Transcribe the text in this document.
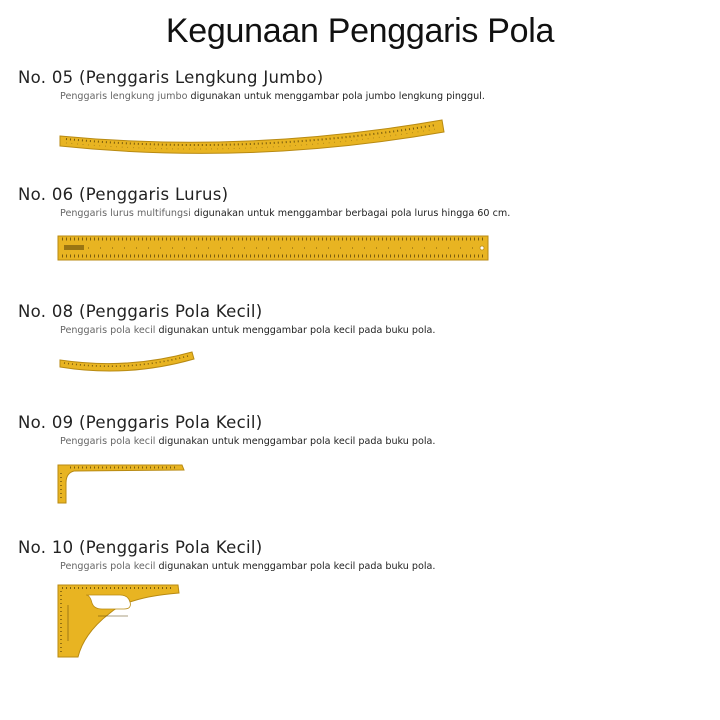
Kegunaan Penggaris Pola
No. 05 (Penggaris Lengkung Jumbo)
Penggaris lengkung jumbo digunakan untuk menggambar pola jumbo lengkung pinggul.
No. 06 (Penggaris Lurus)
Penggaris lurus multifungsi digunakan untuk menggambar berbagai pola lurus hingga 60 cm.
No. 08 (Penggaris Pola Kecil)
Penggaris pola kecil digunakan untuk menggambar pola kecil pada buku pola.
No. 09 (Penggaris Pola Kecil)
Penggaris pola kecil digunakan untuk menggambar pola kecil pada buku pola.
No. 10 (Penggaris Pola Kecil)
Penggaris pola kecil digunakan untuk menggambar pola kecil pada buku pola.
